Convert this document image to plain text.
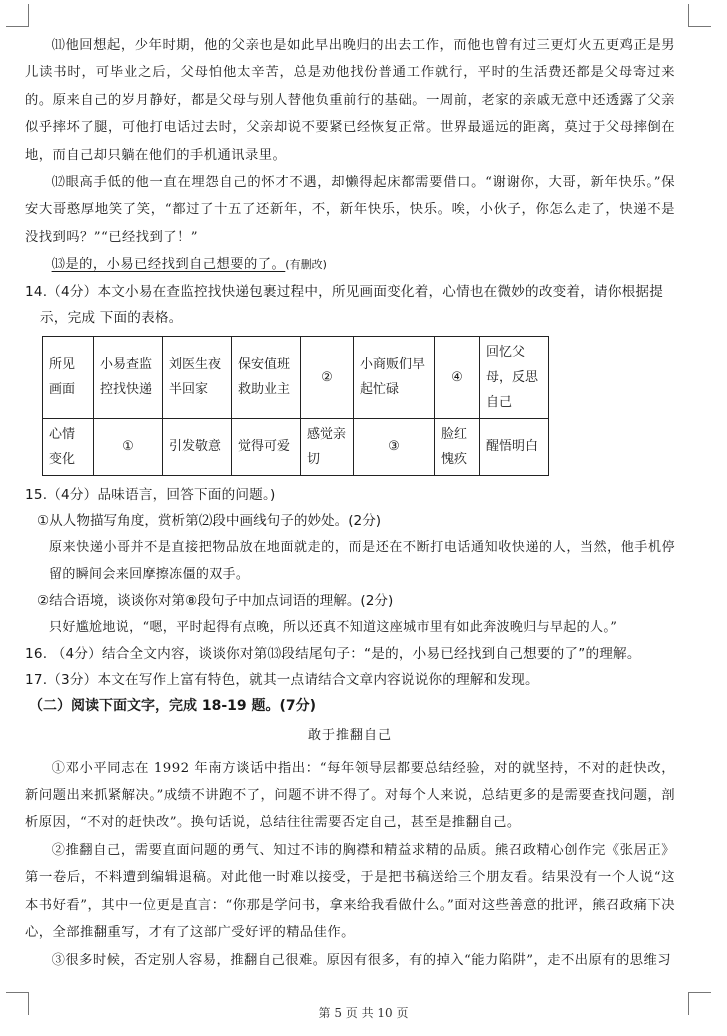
⑾他回想起，少年时期，他的父亲也是如此早出晚归的出去工作，而他也曾有过三更灯火五更鸡正是男儿读书时，可毕业之后，父母怕他太辛苦，总是劝他找份普通工作就行，平时的生活费还都是父母寄过来的。原来自己的岁月静好，都是父母与别人替他负重前行的基础。一周前，老家的亲戚无意中还透露了父亲似乎摔坏了腿，可他打电话过去时，父亲却说不要紧已经恢复正常。世界最遥远的距离，莫过于父母摔倒在地，而自己却只躺在他们的手机通讯录里。

⑿眼高手低的他一直在埋怨自己的怀才不遇，却懒得起床都需要借口。“谢谢你，大哥，新年快乐。”保安大哥憨厚地笑了笑，“都过了十五了还新年，不，新年快乐，快乐。唉，小伙子，你怎么走了，快递不是没找到吗？”“已经找到了！”

⒀是的，小易已经找到自己想要的了。(有删改)

14.（4分）本文小易在查监控找快递包裹过程中，所见画面变化着，心情也在微妙的改变着，请你根据提示，完成 下面的表格。

所见画面	小易查监控找快递	刘医生夜半回家	保安值班救助业主	②	小商贩们早起忙碌	④	回忆父母，反思自己
心情变化	①	引发敬意	觉得可爱	感觉亲切	③	脸红愧疚	醒悟明白

15.（4分）品味语言，回答下面的问题。)

①从人物描写角度，赏析第⑵段中画线句子的妙处。(2分)

原来快递小哥并不是直接把物品放在地面就走的，而是还在不断打电话通知收快递的人，当然，他手机停留的瞬间会来回摩擦冻僵的双手。

②结合语境，谈谈你对第⑧段句子中加点词语的理解。(2分)

只好尴尬地说，“嗯，平时起得有点晚，所以还真不知道这座城市里有如此奔波晚归与早起的人。”

16. （4分）结合全文内容，谈谈你对第⒀段结尾句子：“是的，小易已经找到自己想要的了”的理解。

17.（3分）本文在写作上富有特色，就其一点请结合文章内容说说你的理解和发现。

（二）阅读下面文字，完成 18-19 题。(7分)

敢于推翻自己

①邓小平同志在 1992 年南方谈话中指出：“每年领导层都要总结经验，对的就坚持，不对的赶快改，新问题出来抓紧解决。”成绩不讲跑不了，问题不讲不得了。对每个人来说，总结更多的是需要查找问题，剖析原因，“不对的赶快改”。换句话说，总结往往需要否定自己，甚至是推翻自己。

②推翻自己，需要直面问题的勇气、知过不讳的胸襟和精益求精的品质。熊召政精心创作完《张居正》第一卷后，不料遭到编辑退稿。对此他一时难以接受，于是把书稿送给三个朋友看。结果没有一个人说“这本书好看”，其中一位更是直言：“你那是学问书，拿来给我看做什么。”面对这些善意的批评，熊召政痛下决心，全部推翻重写，才有了这部广受好评的精品佳作。

③很多时候，否定别人容易，推翻自己很难。原因有很多，有的掉入“能力陷阱”，走不出原有的思维习

第 5 页 共 10 页
